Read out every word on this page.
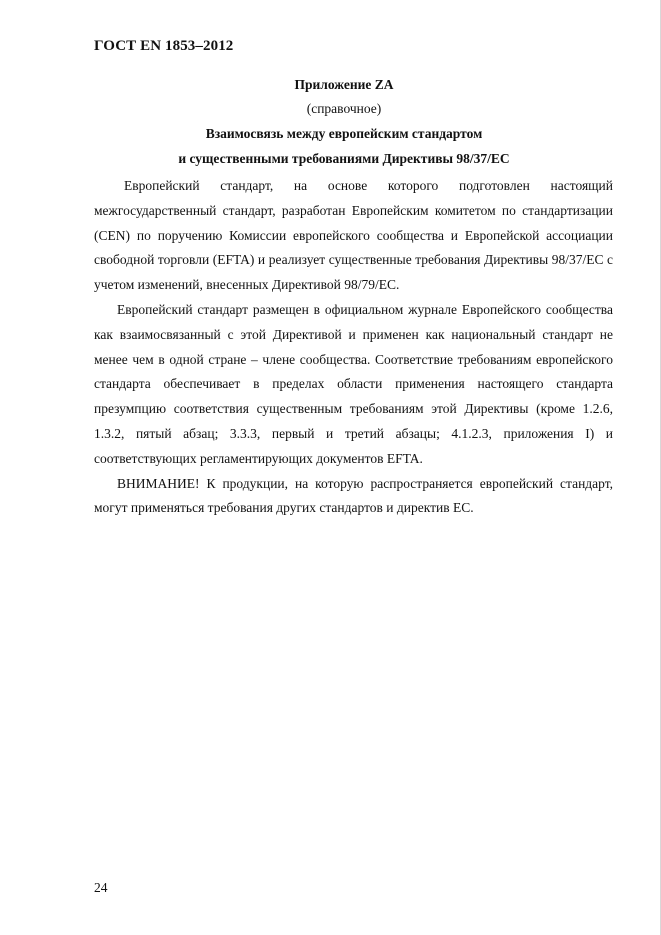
ГОСТ EN 1853–2012
Приложение ZA
(справочное)
Взаимосвязь между европейским стандартом
и существенными требованиями Директивы 98/37/ЕС

Европейский стандарт, на основе которого подготовлен настоящий межгосударственный стандарт, разработан Европейским комитетом по стандартизации (CEN) по поручению Комиссии европейского сообщества и Европейской ассоциации свободной торговли (EFTA) и реализует существенные требования Директивы 98/37/ЕС с учетом изменений, внесенных Директивой 98/79/ЕС.

Европейский стандарт размещен в официальном журнале Европейского сообщества как взаимосвязанный с этой Директивой и применен как национальный стандарт не менее чем в одной стране – члене сообщества. Соответствие требованиям европейского стандарта обеспечивает в пределах области применения настоящего стандарта презумпцию соответствия существенным требованиям этой Директивы (кроме 1.2.6, 1.3.2, пятый абзац; 3.3.3, первый и третий абзацы; 4.1.2.3, приложения I) и соответствующих регламентирующих документов EFTA.

ВНИМАНИЕ! К продукции, на которую распространяется европейский стандарт, могут применяться требования других стандартов и директив ЕС.

24
